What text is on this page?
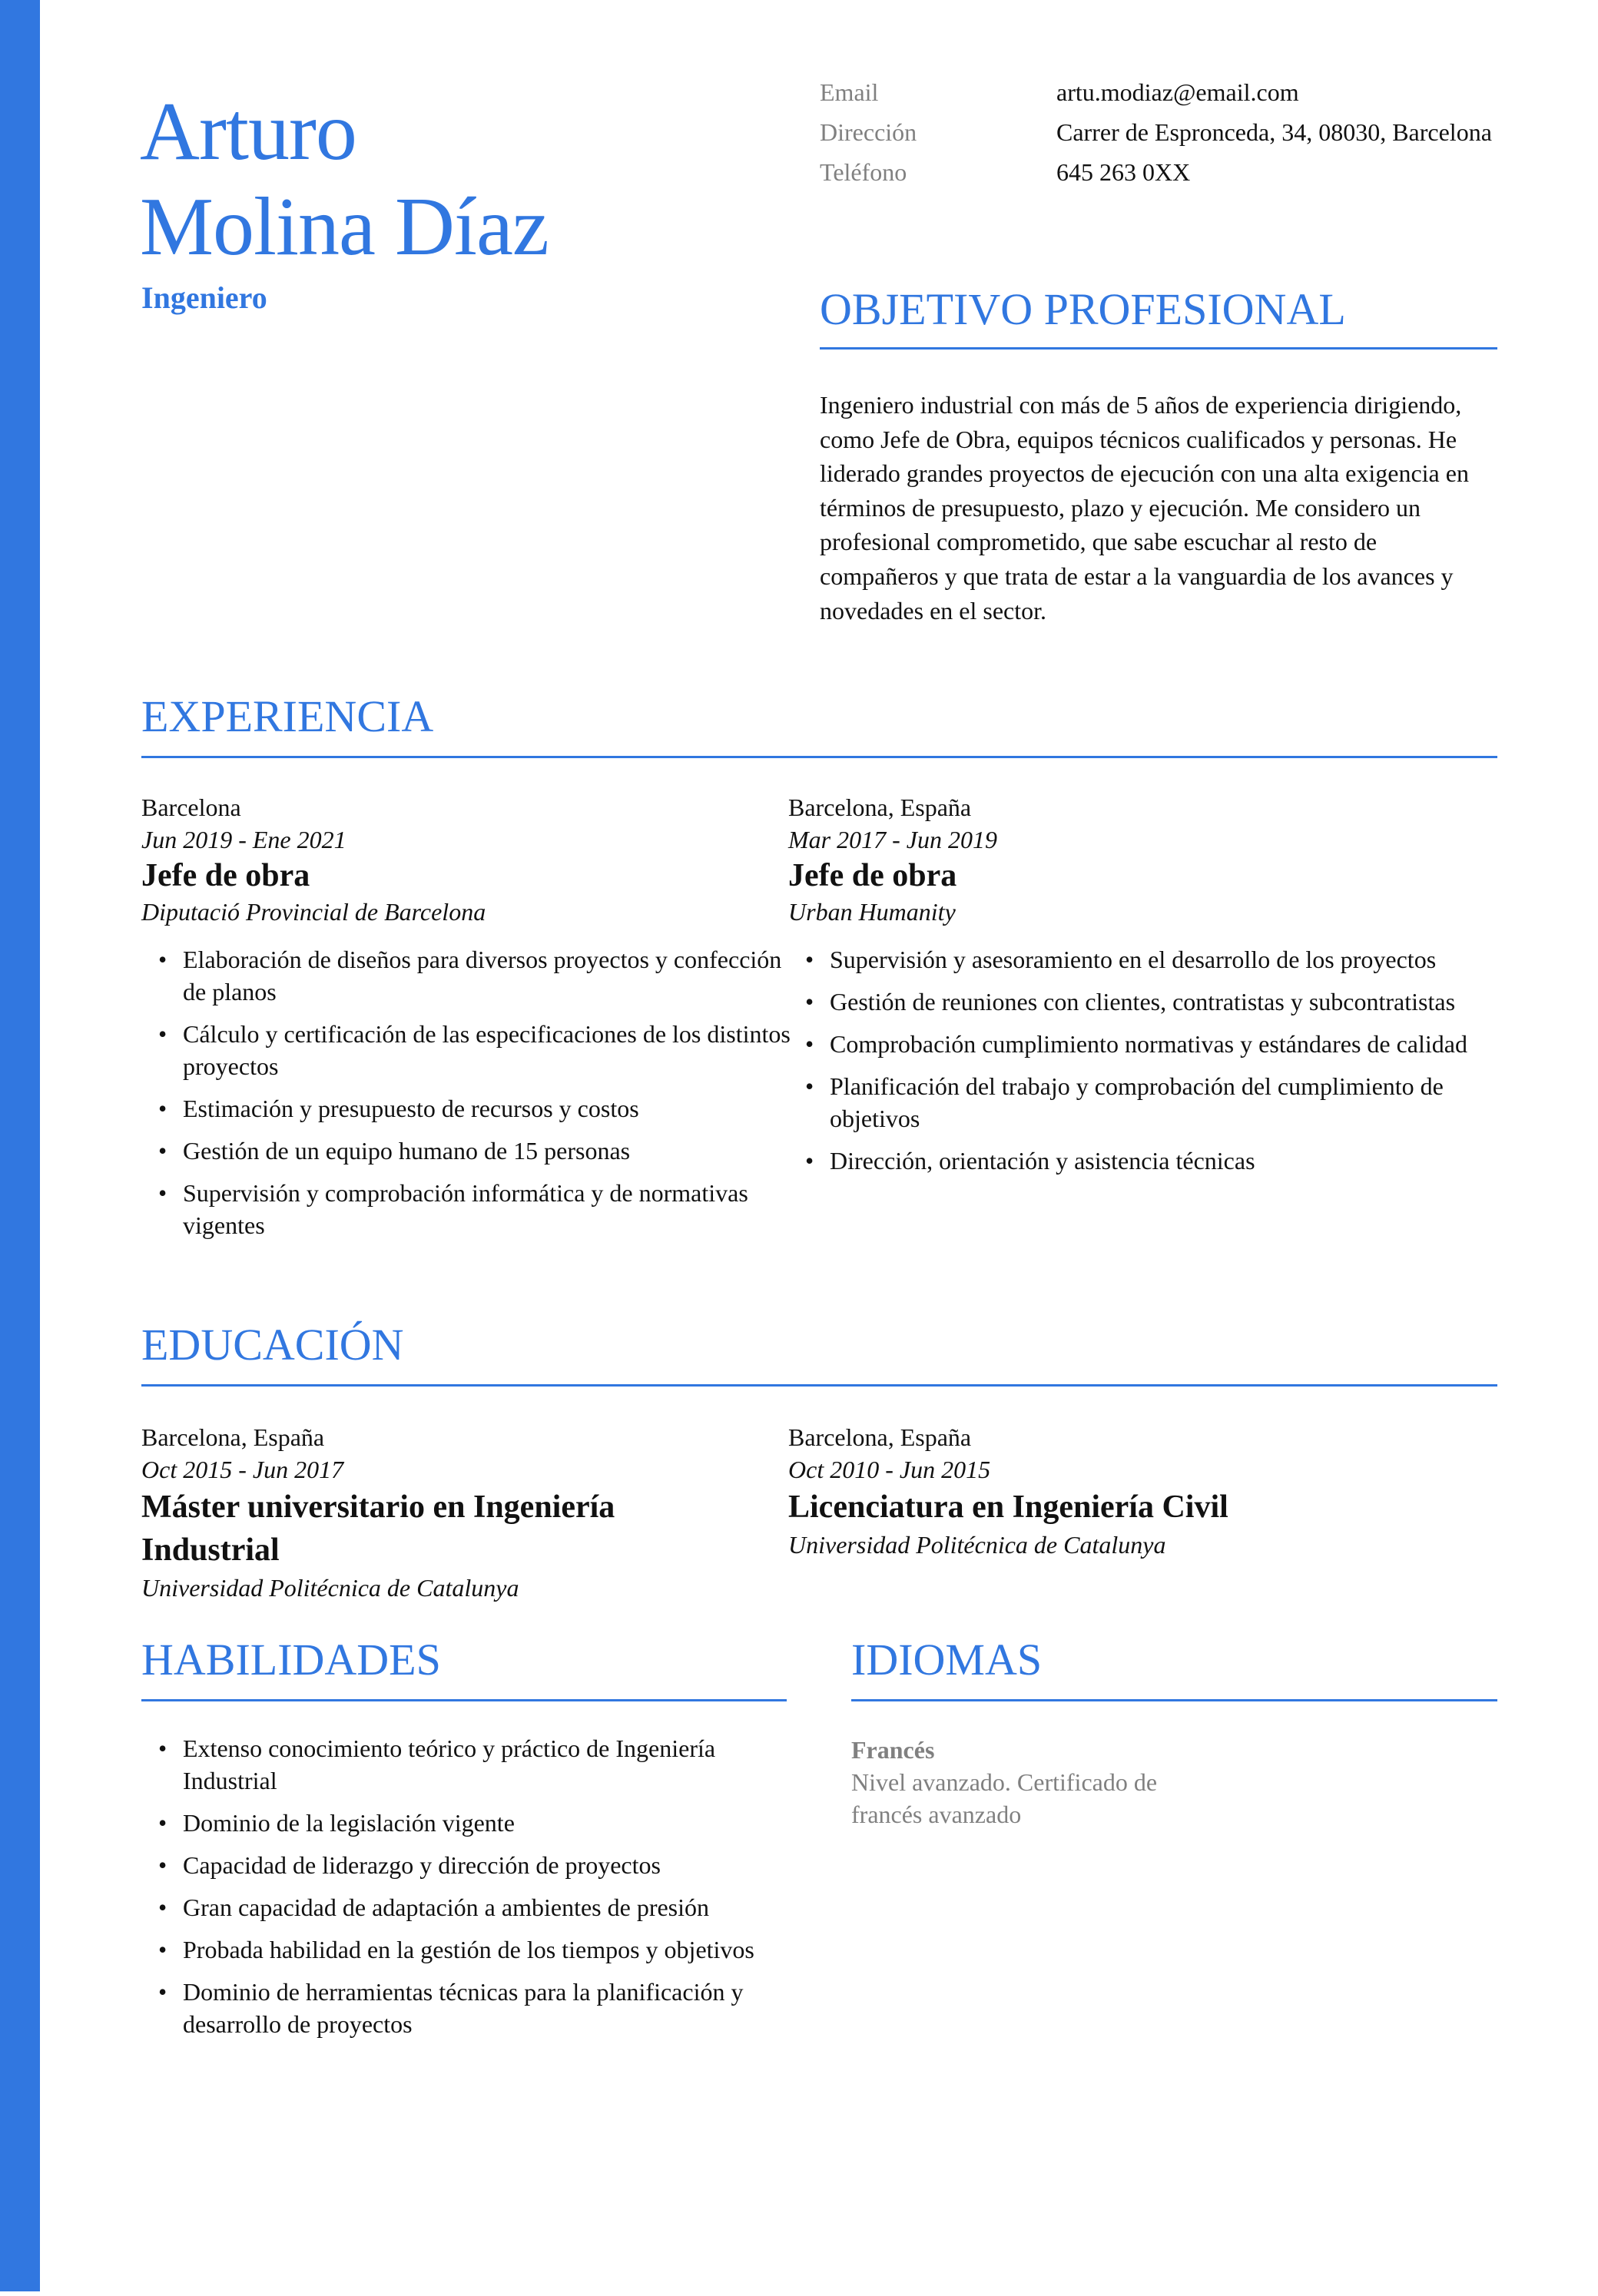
Arturo
Molina Díaz
Ingeniero
Email	artu.modiaz@email.com
Dirección	Carrer de Espronceda, 34, 08030, Barcelona
Teléfono	645 263 0XX
OBJETIVO PROFESIONAL
Ingeniero industrial con más de 5 años de experiencia dirigiendo, como Jefe de Obra, equipos técnicos cualificados y personas. He liderado grandes proyectos de ejecución con una alta exigencia en términos de presupuesto, plazo y ejecución. Me considero un profesional comprometido, que sabe escuchar al resto de compañeros y que trata de estar a la vanguardia de los avances y novedades en el sector.
EXPERIENCIA
Barcelona
Jun 2019 - Ene 2021
Jefe de obra
Diputació Provincial de Barcelona
• Elaboración de diseños para diversos proyectos y confección de planos
• Cálculo y certificación de las especificaciones de los distintos proyectos
• Estimación y presupuesto de recursos y costos
• Gestión de un equipo humano de 15 personas
• Supervisión y comprobación informática y de normativas vigentes
Barcelona, España
Mar 2017 - Jun 2019
Jefe de obra
Urban Humanity
• Supervisión y asesoramiento en el desarrollo de los proyectos
• Gestión de reuniones con clientes, contratistas y subcontratistas
• Comprobación cumplimiento normativas y estándares de calidad
• Planificación del trabajo y comprobación del cumplimiento de objetivos
• Dirección, orientación y asistencia técnicas
EDUCACIÓN
Barcelona, España
Oct 2015 - Jun 2017
Máster universitario en Ingeniería Industrial
Universidad Politécnica de Catalunya
Barcelona, España
Oct 2010 - Jun 2015
Licenciatura en Ingeniería Civil
Universidad Politécnica de Catalunya
HABILIDADES
• Extenso conocimiento teórico y práctico de Ingeniería Industrial
• Dominio de la legislación vigente
• Capacidad de liderazgo y dirección de proyectos
• Gran capacidad de adaptación a ambientes de presión
• Probada habilidad en la gestión de los tiempos y objetivos
• Dominio de herramientas técnicas para la planificación y desarrollo de proyectos
IDIOMAS
Francés
Nivel avanzado. Certificado de francés avanzado
